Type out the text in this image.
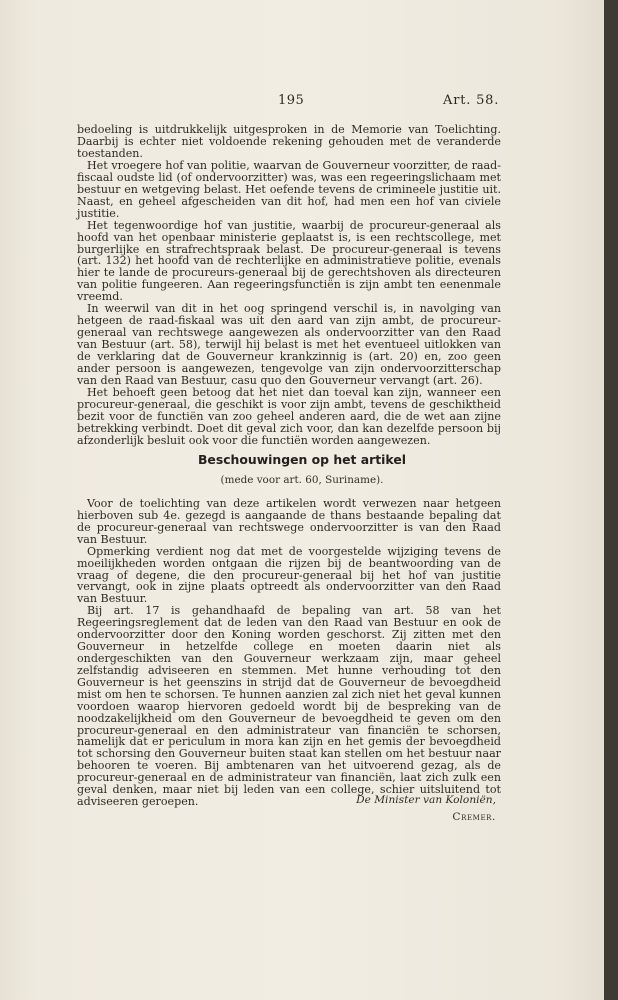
195	Art. 58.

bedoeling is uitdrukkelijk uitgesproken in de Memorie van Toelichting. Daarbij is echter niet voldoende rekening gehouden met de veranderde toestanden.

Het vroegere hof van politie, waarvan de Gouverneur voorzitter, de raad-fiscaal oudste lid (of ondervoorzitter) was, was een regeeringslichaam met bestuur en wetgeving belast. Het oefende tevens de crimineele justitie uit. Naast, en geheel afgescheiden van dit hof, had men een hof van civiele justitie.

Het tegenwoordige hof van justitie, waarbij de procureur-generaal als hoofd van het openbaar ministerie geplaatst is, is een rechtscollege, met burgerlijke en strafrechtspraak belast. De procureur-generaal is tevens (art. 132) het hoofd van de rechterlijke en administratieve politie, evenals hier te lande de procureurs-generaal bij de gerechtshoven als directeuren van politie fungeeren. Aan regeeringsfunctiën is zijn ambt ten eenenmale vreemd.

In weerwil van dit in het oog springend verschil is, in navolging van hetgeen de raad-fiskaal was uit den aard van zijn ambt, de procureur-generaal van rechtswege aangewezen als ondervoorzitter van den Raad van Bestuur (art. 58), terwijl hij belast is met het eventueel uitlokken van de verklaring dat de Gouverneur krankzinnig is (art. 20) en, zoo geen ander persoon is aangewezen, tengevolge van zijn ondervoorzitterschap van den Raad van Bestuur, casu quo den Gouverneur vervangt (art. 26).

Het behoeft geen betoog dat het niet dan toeval kan zijn, wanneer een procureur-generaal, die geschikt is voor zijn ambt, tevens de geschiktheid bezit voor de functiën van zoo geheel anderen aard, die de wet aan zijne betrekking verbindt. Doet dit geval zich voor, dan kan dezelfde persoon bij afzonderlijk besluit ook voor die functiën worden aangewezen.

Beschouwingen op het artikel
(mede voor art. 60, Suriname).

Voor de toelichting van deze artikelen wordt verwezen naar hetgeen hierboven sub 4e. gezegd is aangaande de thans bestaande bepaling dat de procureur-generaal van rechtswege ondervoorzitter is van den Raad van Bestuur.

Opmerking verdient nog dat met de voorgestelde wijziging tevens de moeilijkheden worden ontgaan die rijzen bij de beantwoording van de vraag of degene, die den procureur-generaal bij het hof van justitie vervangt, ook in zijne plaats optreedt als ondervoorzitter van den Raad van Bestuur.

Bij art. 17 is gehandhaafd de bepaling van art. 58 van het Regeeringsreglement dat de leden van den Raad van Bestuur en ook de ondervoorzitter door den Koning worden geschorst. Zij zitten met den Gouverneur in hetzelfde college en moeten daarin niet als ondergeschikten van den Gouverneur werkzaam zijn, maar geheel zelfstandig adviseeren en stemmen. Met hunne verhouding tot den Gouverneur is het geenszins in strijd dat de Gouverneur de bevoegdheid mist om hen te schorsen. Te hunnen aanzien zal zich niet het geval kunnen voordoen waarop hiervoren gedoeld wordt bij de bespreking van de noodzakelijkheid om den Gouverneur de bevoegdheid te geven om den procureur-generaal en den administrateur van financiën te schorsen, namelijk dat er periculum in mora kan zijn en het gemis der bevoegdheid tot schorsing den Gouverneur buiten staat kan stellen om het bestuur naar behooren te voeren. Bij ambtenaren van het uitvoerend gezag, als de procureur-generaal en de administrateur van financiën, laat zich zulk een geval denken, maar niet bij leden van een college, schier uitsluitend tot adviseeren geroepen.	De Minister van Koloniën,
Cremer.
